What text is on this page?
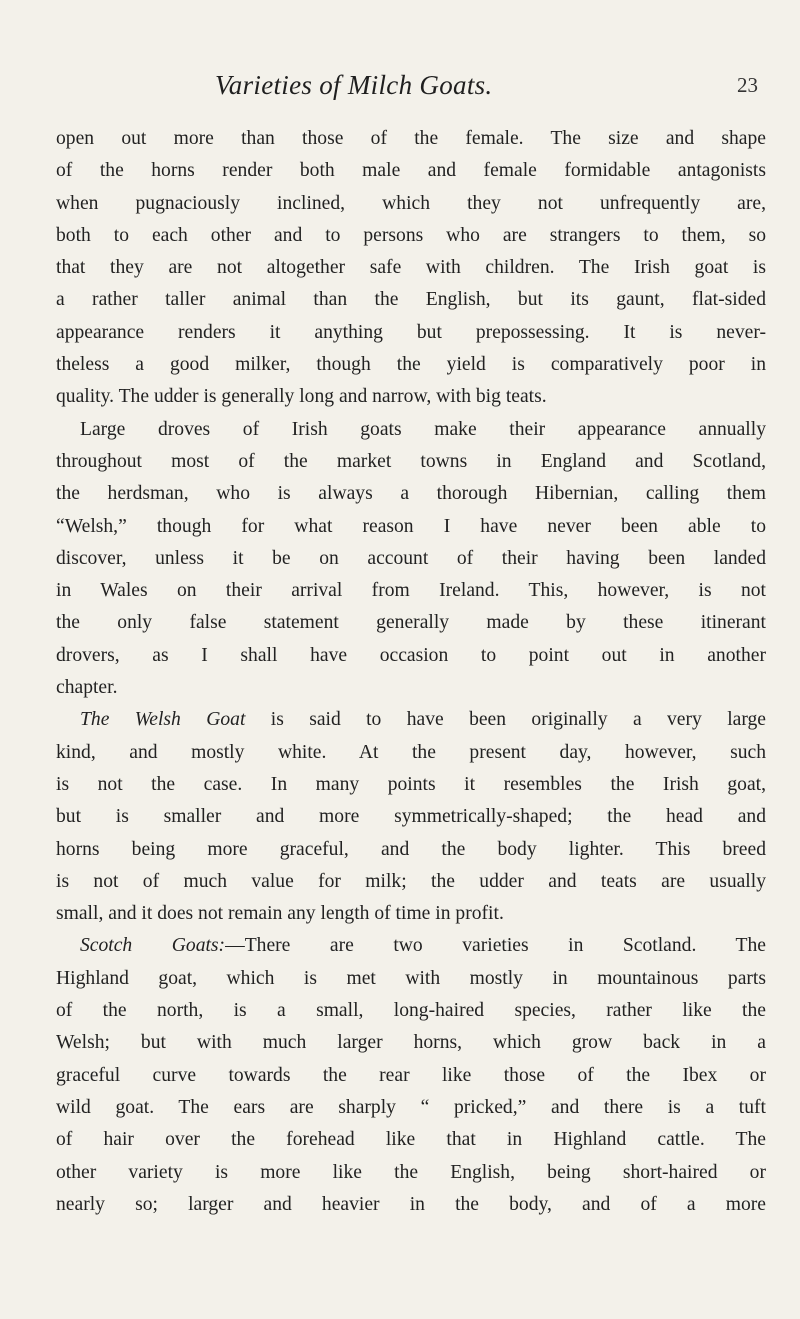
Varieties of Milch Goats.	23
open out more than those of the female. The size and shape
of the horns render both male and female formidable antagonists
when pugnaciously inclined, which they not unfrequently are,
both to each other and to persons who are strangers to them, so
that they are not altogether safe with children. The Irish goat is
a rather taller animal than the English, but its gaunt, flat-sided
appearance renders it anything but prepossessing. It is never-
theless a good milker, though the yield is comparatively poor in
quality. The udder is generally long and narrow, with big teats.
Large droves of Irish goats make their appearance annually
throughout most of the market towns in England and Scotland,
the herdsman, who is always a thorough Hibernian, calling them
“Welsh,” though for what reason I have never been able to
discover, unless it be on account of their having been landed
in Wales on their arrival from Ireland. This, however, is not
the only false statement generally made by these itinerant
drovers, as I shall have occasion to point out in another
chapter.
The Welsh Goat is said to have been originally a very large
kind, and mostly white. At the present day, however, such
is not the case. In many points it resembles the Irish goat,
but is smaller and more symmetrically-shaped; the head and
horns being more graceful, and the body lighter. This breed
is not of much value for milk; the udder and teats are usually
small, and it does not remain any length of time in profit.
Scotch Goats:—There are two varieties in Scotland. The
Highland goat, which is met with mostly in mountainous parts
of the north, is a small, long-haired species, rather like the
Welsh; but with much larger horns, which grow back in a
graceful curve towards the rear like those of the Ibex or
wild goat. The ears are sharply “ pricked,” and there is a tuft
of hair over the forehead like that in Highland cattle. The
other variety is more like the English, being short-haired or
nearly so; larger and heavier in the body, and of a more
